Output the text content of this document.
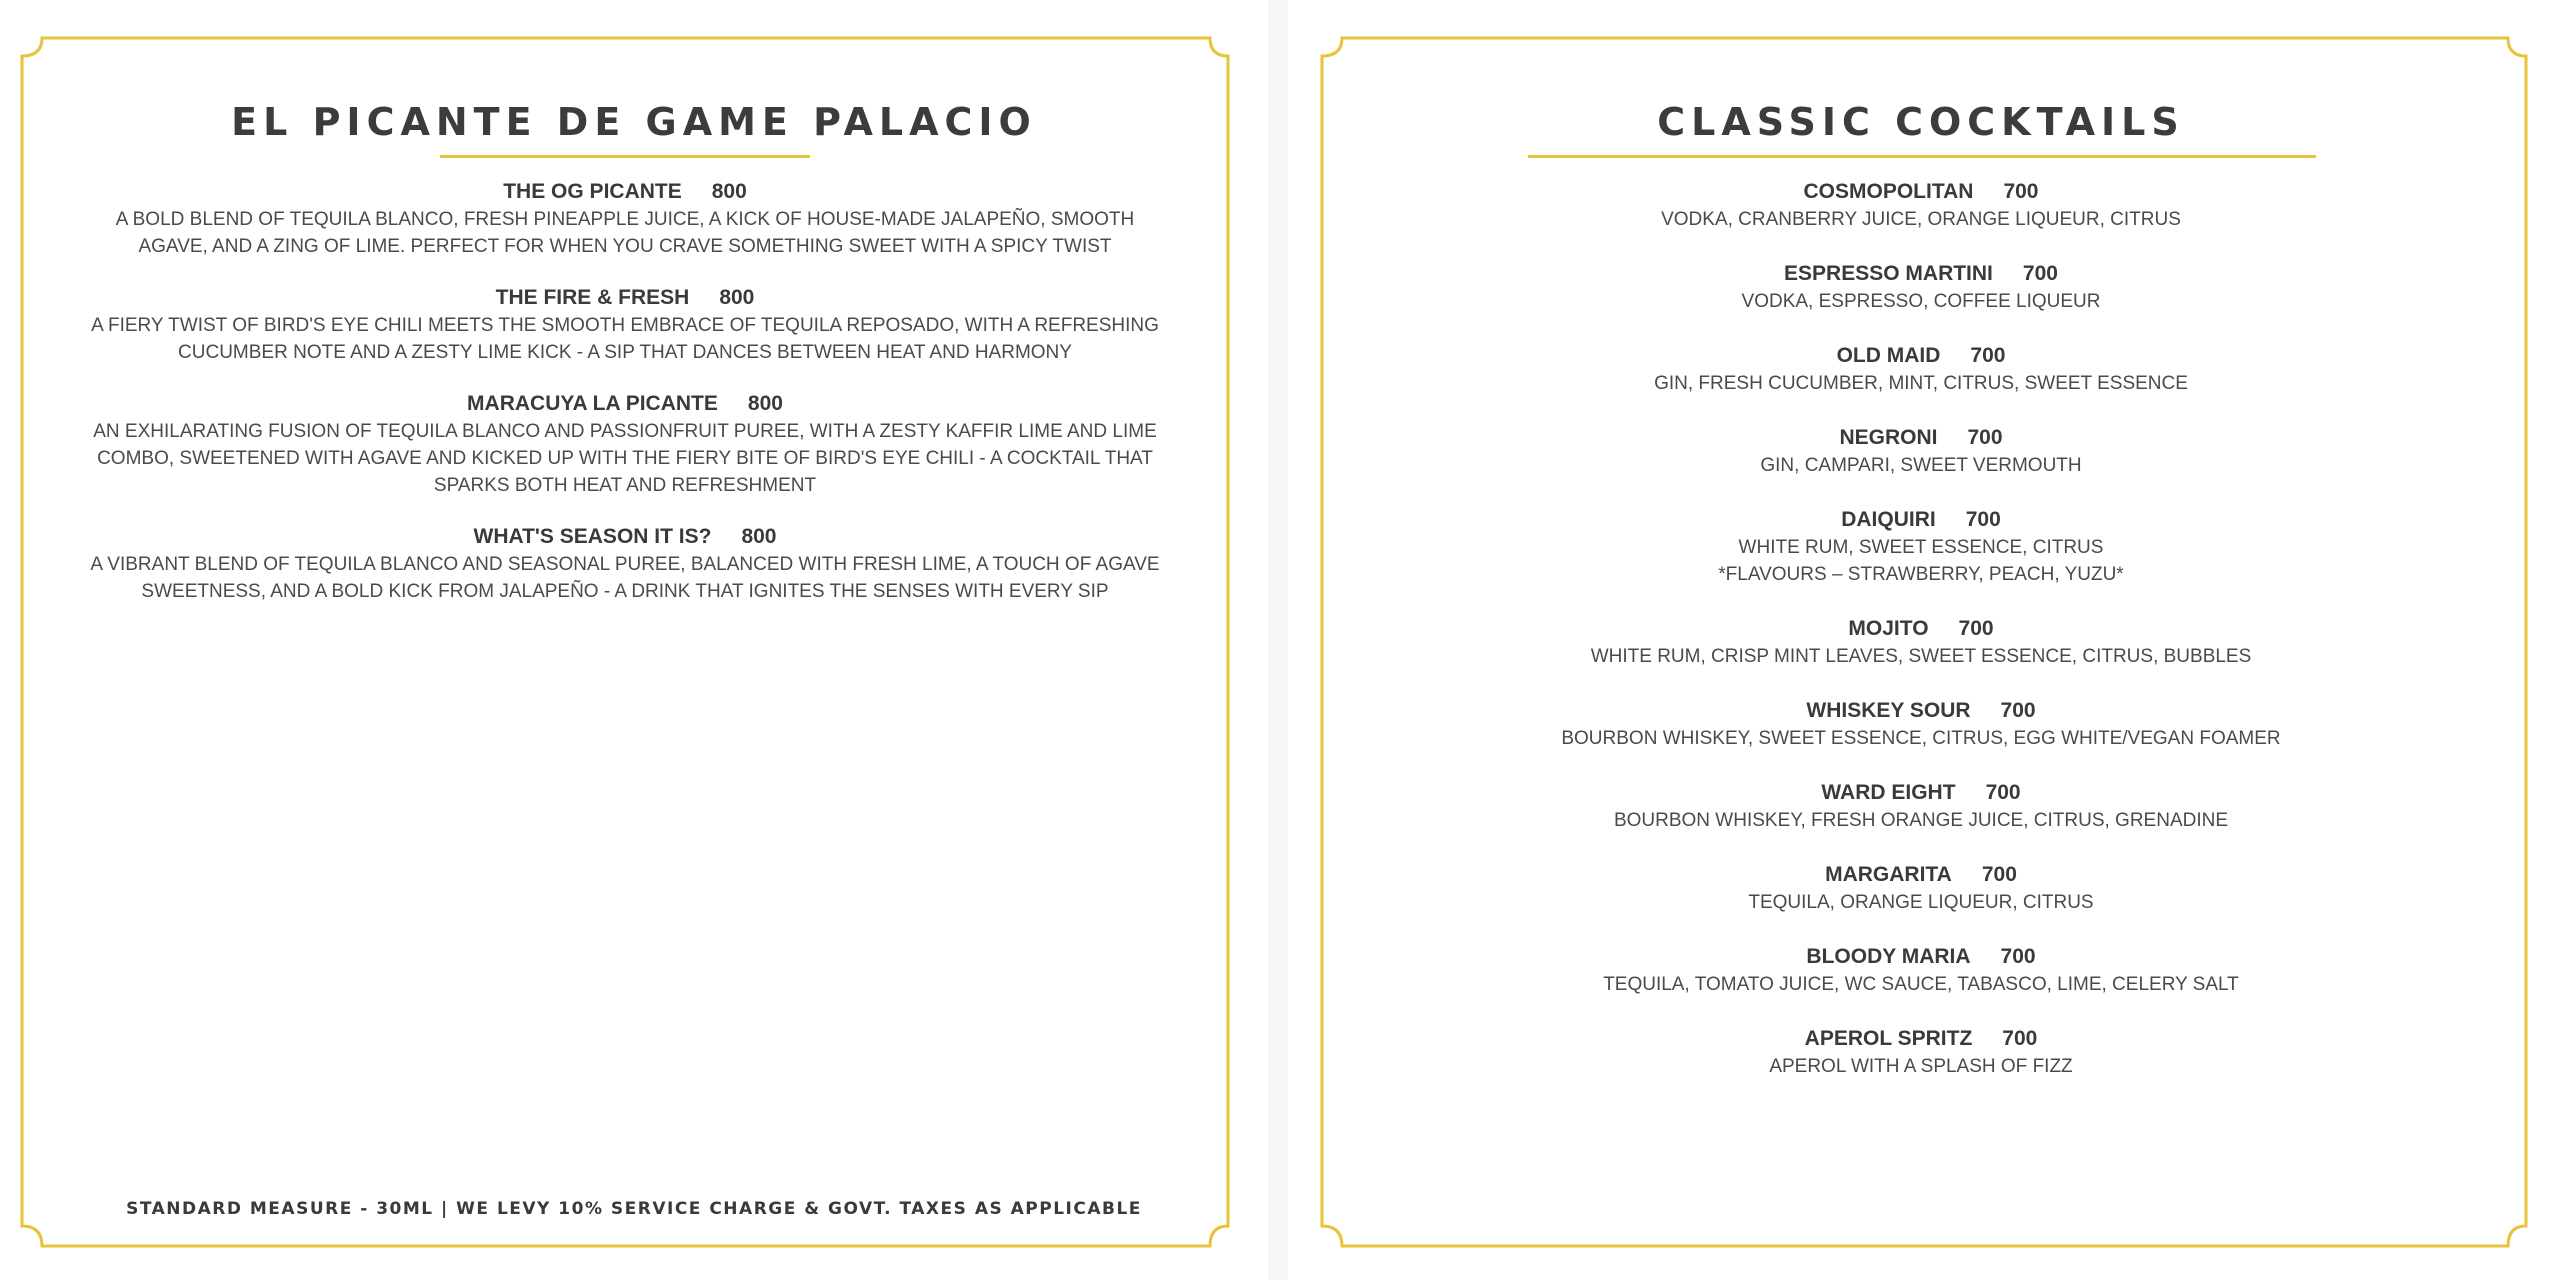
EL PICANTE DE GAME PALACIO
THE OG PICANTE 800
A BOLD BLEND OF TEQUILA BLANCO, FRESH PINEAPPLE JUICE, A KICK OF HOUSE-MADE JALAPEÑO, SMOOTH AGAVE, AND A ZING OF LIME. PERFECT FOR WHEN YOU CRAVE SOMETHING SWEET WITH A SPICY TWIST
THE FIRE & FRESH 800
A FIERY TWIST OF BIRD'S EYE CHILI MEETS THE SMOOTH EMBRACE OF TEQUILA REPOSADO, WITH A REFRESHING CUCUMBER NOTE AND A ZESTY LIME KICK - A SIP THAT DANCES BETWEEN HEAT AND HARMONY
MARACUYA LA PICANTE 800
AN EXHILARATING FUSION OF TEQUILA BLANCO AND PASSIONFRUIT PUREE, WITH A ZESTY KAFFIR LIME AND LIME COMBO, SWEETENED WITH AGAVE AND KICKED UP WITH THE FIERY BITE OF BIRD'S EYE CHILI - A COCKTAIL THAT SPARKS BOTH HEAT AND REFRESHMENT
WHAT'S SEASON IT IS? 800
A VIBRANT BLEND OF TEQUILA BLANCO AND SEASONAL PUREE, BALANCED WITH FRESH LIME, A TOUCH OF AGAVE SWEETNESS, AND A BOLD KICK FROM JALAPEÑO - A DRINK THAT IGNITES THE SENSES WITH EVERY SIP
STANDARD MEASURE - 30ML | WE LEVY 10% SERVICE CHARGE & GOVT. TAXES AS APPLICABLE
CLASSIC COCKTAILS
COSMOPOLITAN 700
VODKA, CRANBERRY JUICE, ORANGE LIQUEUR, CITRUS
ESPRESSO MARTINI 700
VODKA, ESPRESSO, COFFEE LIQUEUR
OLD MAID 700
GIN, FRESH CUCUMBER, MINT, CITRUS, SWEET ESSENCE
NEGRONI 700
GIN, CAMPARI, SWEET VERMOUTH
DAIQUIRI 700
WHITE RUM, SWEET ESSENCE, CITRUS
*FLAVOURS – STRAWBERRY, PEACH, YUZU*
MOJITO 700
WHITE RUM, CRISP MINT LEAVES, SWEET ESSENCE, CITRUS, BUBBLES
WHISKEY SOUR 700
BOURBON WHISKEY, SWEET ESSENCE, CITRUS, EGG WHITE/VEGAN FOAMER
WARD EIGHT 700
BOURBON WHISKEY, FRESH ORANGE JUICE, CITRUS, GRENADINE
MARGARITA 700
TEQUILA, ORANGE LIQUEUR, CITRUS
BLOODY MARIA 700
TEQUILA, TOMATO JUICE, WC SAUCE, TABASCO, LIME, CELERY SALT
APEROL SPRITZ 700
APEROL WITH A SPLASH OF FIZZ
